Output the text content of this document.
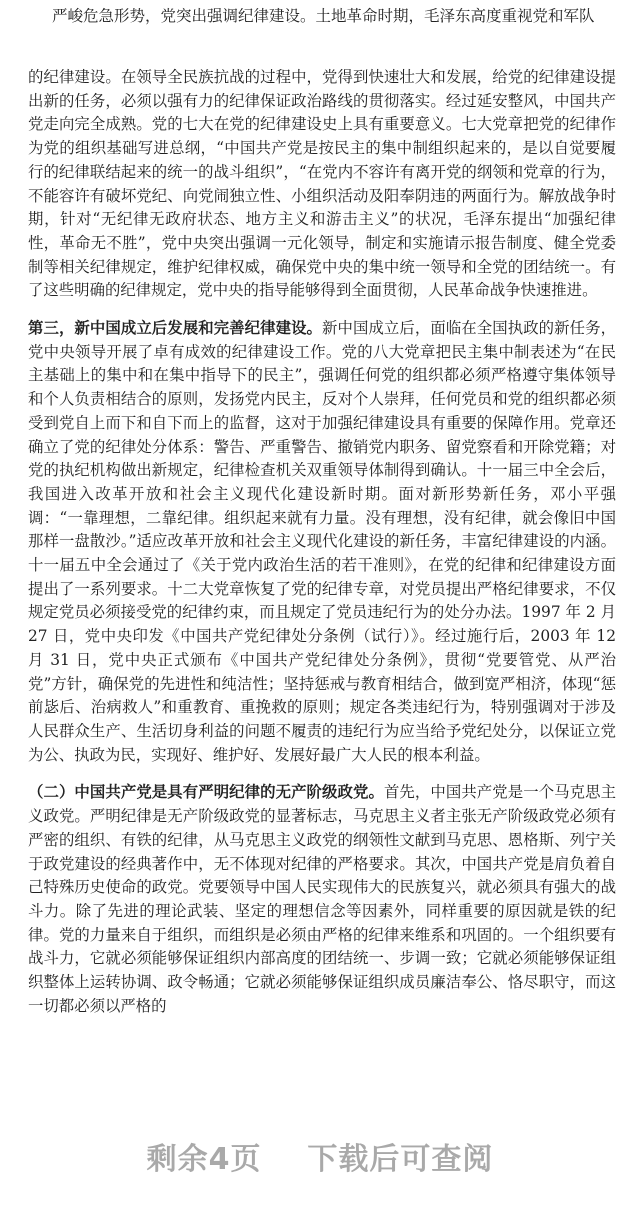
严峻危急形势，党突出强调纪律建设。土地革命时期，毛泽东高度重视党和军队

的纪律建设。在领导全民族抗战的过程中，党得到快速壮大和发展，给党的纪律建设提出新的任务，必须以强有力的纪律保证政治路线的贯彻落实。经过延安整风，中国共产党走向完全成熟。党的七大在党的纪律建设史上具有重要意义。七大党章把党的纪律作为党的组织基础写进总纲，“中国共产党是按民主的集中制组织起来的，是以自觉要履行的纪律联结起来的统一的战斗组织”，“在党内不容许有离开党的纲领和党章的行为，不能容许有破坏党纪、向党闹独立性、小组织活动及阳奉阴违的两面行为。解放战争时期，针对“无纪律无政府状态、地方主义和游击主义”的状况，毛泽东提出“加强纪律性，革命无不胜”，党中央突出强调一元化领导，制定和实施请示报告制度、健全党委制等相关纪律规定，维护纪律权威，确保党中央的集中统一领导和全党的团结统一。有了这些明确的纪律规定，党中央的指导能够得到全面贯彻，人民革命战争快速推进。

第三，新中国成立后发展和完善纪律建设。新中国成立后，面临在全国执政的新任务，党中央领导开展了卓有成效的纪律建设工作。党的八大党章把民主集中制表述为“在民主基础上的集中和在集中指导下的民主”，强调任何党的组织都必须严格遵守集体领导和个人负责相结合的原则，发扬党内民主，反对个人崇拜，任何党员和党的组织都必须受到党自上而下和自下而上的监督，这对于加强纪律建设具有重要的保障作用。党章还确立了党的纪律处分体系：警告、严重警告、撤销党内职务、留党察看和开除党籍；对党的执纪机构做出新规定，纪律检查机关双重领导体制得到确认。十一届三中全会后，我国进入改革开放和社会主义现代化建设新时期。面对新形势新任务，邓小平强调：“一靠理想，二靠纪律。组织起来就有力量。没有理想，没有纪律，就会像旧中国那样一盘散沙。”适应改革开放和社会主义现代化建设的新任务，丰富纪律建设的内涵。十一届五中全会通过了《关于党内政治生活的若干准则》，在党的纪律和纪律建设方面提出了一系列要求。十二大党章恢复了党的纪律专章，对党员提出严格纪律要求，不仅规定党员必须接受党的纪律约束，而且规定了党员违纪行为的处分办法。1997 年 2 月 27 日，党中央印发《中国共产党纪律处分条例（试行）》。经过施行后，2003 年 12 月 31 日，党中央正式颁布《中国共产党纪律处分条例》，贯彻“党要管党、从严治党”方针，确保党的先进性和纯洁性；坚持惩戒与教育相结合，做到宽严相济，体现“惩前毖后、治病救人”和重教育、重挽救的原则；规定各类违纪行为，特别强调对于涉及人民群众生产、生活切身利益的问题不履责的违纪行为应当给予党纪处分，以保证立党为公、执政为民，实现好、维护好、发展好最广大人民的根本利益。

（二）中国共产党是具有严明纪律的无产阶级政党。首先，中国共产党是一个马克思主义政党。严明纪律是无产阶级政党的显著标志，马克思主义者主张无产阶级政党必须有严密的组织、有铁的纪律，从马克思主义政党的纲领性文献到马克思、恩格斯、列宁关于政党建设的经典著作中，无不体现对纪律的严格要求。其次，中国共产党是肩负着自己特殊历史使命的政党。党要领导中国人民实现伟大的民族复兴，就必须具有强大的战斗力。除了先进的理论武装、坚定的理想信念等因素外，同样重要的原因就是铁的纪律。党的力量来自于组织，而组织是必须由严格的纪律来维系和巩固的。一个组织要有战斗力，它就必须能够保证组织内部高度的团结统一、步调一致；它就必须能够保证组织整体上运转协调、政令畅通；它就必须能够保证组织成员廉洁奉公、恪尽职守，而这一切都必须以严格的

剩余4页    下载后可查阅
